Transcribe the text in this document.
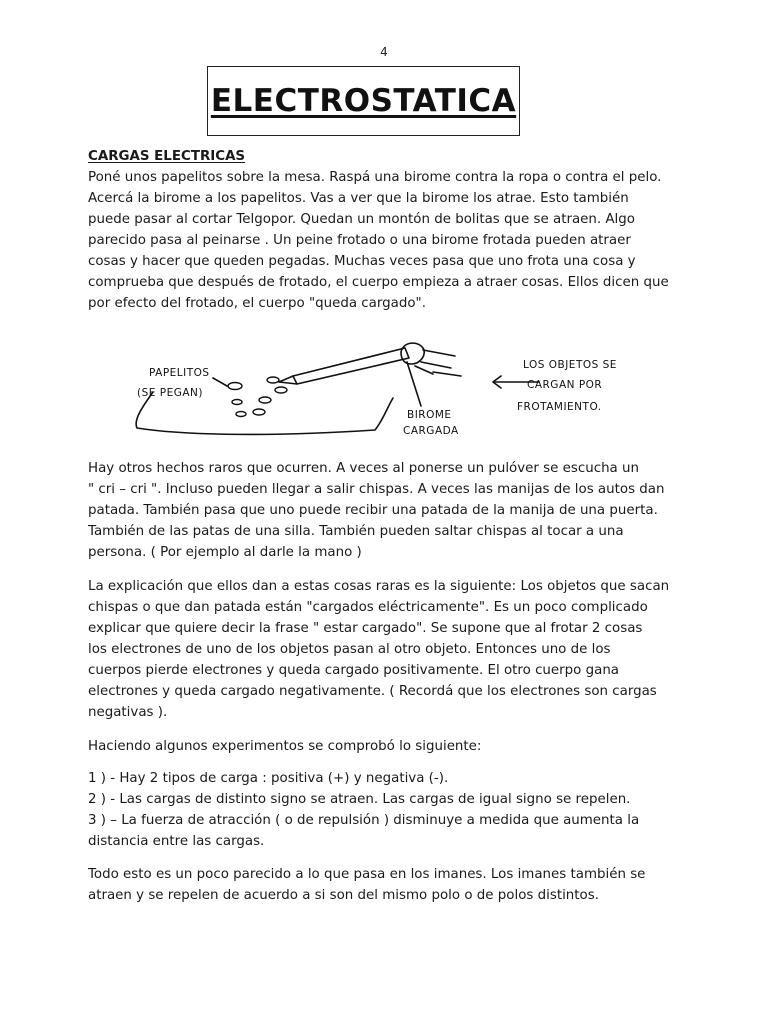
4
ELECTROSTATICA

CARGAS ELECTRICAS

Poné unos papelitos sobre la mesa. Raspá una birome contra la ropa o contra el pelo.

Acercá la birome a los papelitos. Vas a ver que la birome los atrae. Esto también

puede pasar al cortar Telgopor. Quedan un montón de bolitas que se atraen. Algo

parecido pasa al peinarse . Un peine frotado o una birome frotada pueden atraer

cosas y hacer que queden pegadas. Muchas veces pasa que uno frota una cosa y

comprueba que después de frotado, el cuerpo empieza a atraer cosas. Ellos dicen que

por efecto del frotado, el cuerpo "queda cargado".

PAPELITOS
(SE PEGAN)
BIROME
CARGADA
LOS OBJETOS SE
CARGAN POR
FROTAMIENTO.

Hay otros hechos raros que ocurren. A veces al ponerse un pulóver se escucha un

" cri – cri ". Incluso pueden llegar a salir chispas. A veces las manijas de los autos dan

patada. También pasa que uno puede recibir una patada de la manija de una puerta.

También de las patas de una silla. También pueden saltar chispas al tocar a una

persona. ( Por ejemplo al darle la mano )

La explicación que ellos dan a estas cosas raras es la siguiente: Los objetos que sacan

chispas o que dan patada están "cargados eléctricamente". Es un poco complicado

explicar que quiere decir la frase " estar cargado". Se supone que al frotar 2 cosas

los electrones de uno de los objetos pasan al otro objeto. Entonces uno de los

cuerpos pierde electrones y queda cargado positivamente. El otro cuerpo gana

electrones y queda cargado negativamente. ( Recordá que los electrones son cargas

negativas ).

Haciendo algunos experimentos se comprobó lo siguiente:

1 ) - Hay 2 tipos de carga : positiva (+) y negativa (-).

2 ) - Las cargas de distinto signo se atraen. Las cargas de igual signo se repelen.

3 ) – La fuerza de atracción ( o de repulsión ) disminuye a medida que aumenta la

distancia entre las cargas.

Todo esto es un poco parecido a lo que pasa en los imanes. Los imanes también se

atraen y se repelen de acuerdo a si son del mismo polo o de polos distintos.
